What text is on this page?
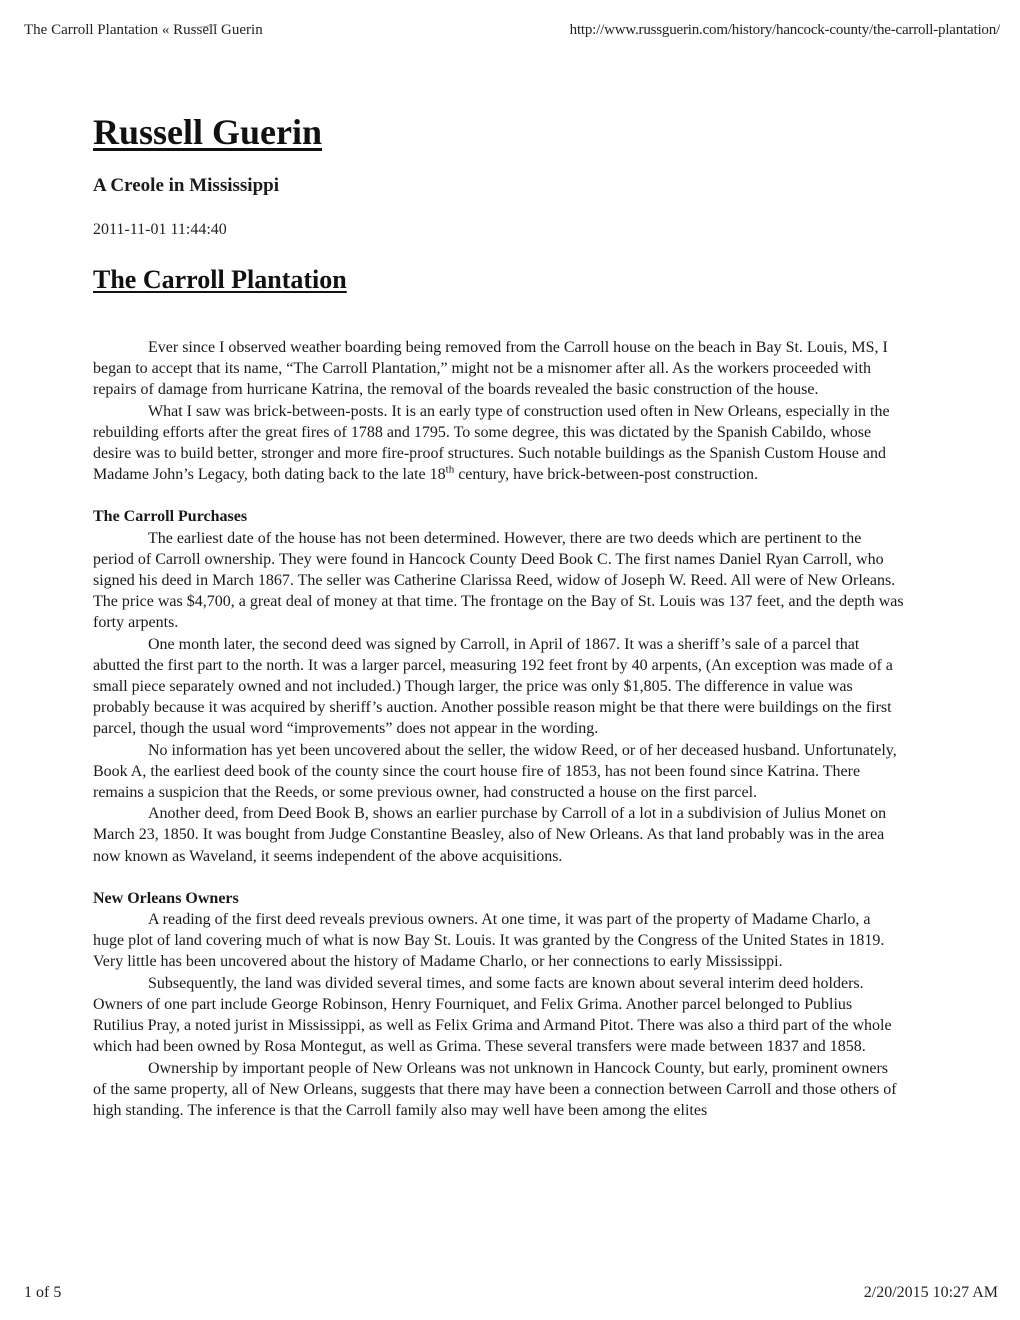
The Carroll Plantation « Russell Guerin	http://www.russguerin.com/history/hancock-county/the-carroll-plantation/
Russell Guerin
A Creole in Mississippi
2011-11-01 11:44:40
The Carroll Plantation

Ever since I observed weather boarding being removed from the Carroll house on the beach in Bay St. Louis, MS, I began to accept that its name, “The Carroll Plantation,” might not be a misnomer after all. As the workers proceeded with repairs of damage from hurricane Katrina, the removal of the boards revealed the basic construction of the house.

What I saw was brick-between-posts. It is an early type of construction used often in New Orleans, especially in the rebuilding efforts after the great fires of 1788 and 1795. To some degree, this was dictated by the Spanish Cabildo, whose desire was to build better, stronger and more fire-proof structures. Such notable buildings as the Spanish Custom House and Madame John’s Legacy, both dating back to the late 18th century, have brick-between-post construction.

The Carroll Purchases

The earliest date of the house has not been determined. However, there are two deeds which are pertinent to the period of Carroll ownership. They were found in Hancock County Deed Book C. The first names Daniel Ryan Carroll, who signed his deed in March 1867. The seller was Catherine Clarissa Reed, widow of Joseph W. Reed. All were of New Orleans. The price was $4,700, a great deal of money at that time. The frontage on the Bay of St. Louis was 137 feet, and the depth was forty arpents.

One month later, the second deed was signed by Carroll, in April of 1867. It was a sheriff’s sale of a parcel that abutted the first part to the north. It was a larger parcel, measuring 192 feet front by 40 arpents, (An exception was made of a small piece separately owned and not included.) Though larger, the price was only $1,805. The difference in value was probably because it was acquired by sheriff’s auction. Another possible reason might be that there were buildings on the first parcel, though the usual word “improvements” does not appear in the wording.

No information has yet been uncovered about the seller, the widow Reed, or of her deceased husband. Unfortunately, Book A, the earliest deed book of the county since the court house fire of 1853, has not been found since Katrina. There remains a suspicion that the Reeds, or some previous owner, had constructed a house on the first parcel.

Another deed, from Deed Book B, shows an earlier purchase by Carroll of a lot in a subdivision of Julius Monet on March 23, 1850. It was bought from Judge Constantine Beasley, also of New Orleans. As that land probably was in the area now known as Waveland, it seems independent of the above acquisitions.

New Orleans Owners

A reading of the first deed reveals previous owners. At one time, it was part of the property of Madame Charlo, a huge plot of land covering much of what is now Bay St. Louis. It was granted by the Congress of the United States in 1819. Very little has been uncovered about the history of Madame Charlo, or her connections to early Mississippi.

Subsequently, the land was divided several times, and some facts are known about several interim deed holders. Owners of one part include George Robinson, Henry Fourniquet, and Felix Grima. Another parcel belonged to Publius Rutilius Pray, a noted jurist in Mississippi, as well as Felix Grima and Armand Pitot. There was also a third part of the whole which had been owned by Rosa Montegut, as well as Grima. These several transfers were made between 1837 and 1858.

Ownership by important people of New Orleans was not unknown in Hancock County, but early, prominent owners of the same property, all of New Orleans, suggests that there may have been a connection between Carroll and those others of high standing. The inference is that the Carroll family also may well have been among the elites

1 of 5	2/20/2015 10:27 AM
